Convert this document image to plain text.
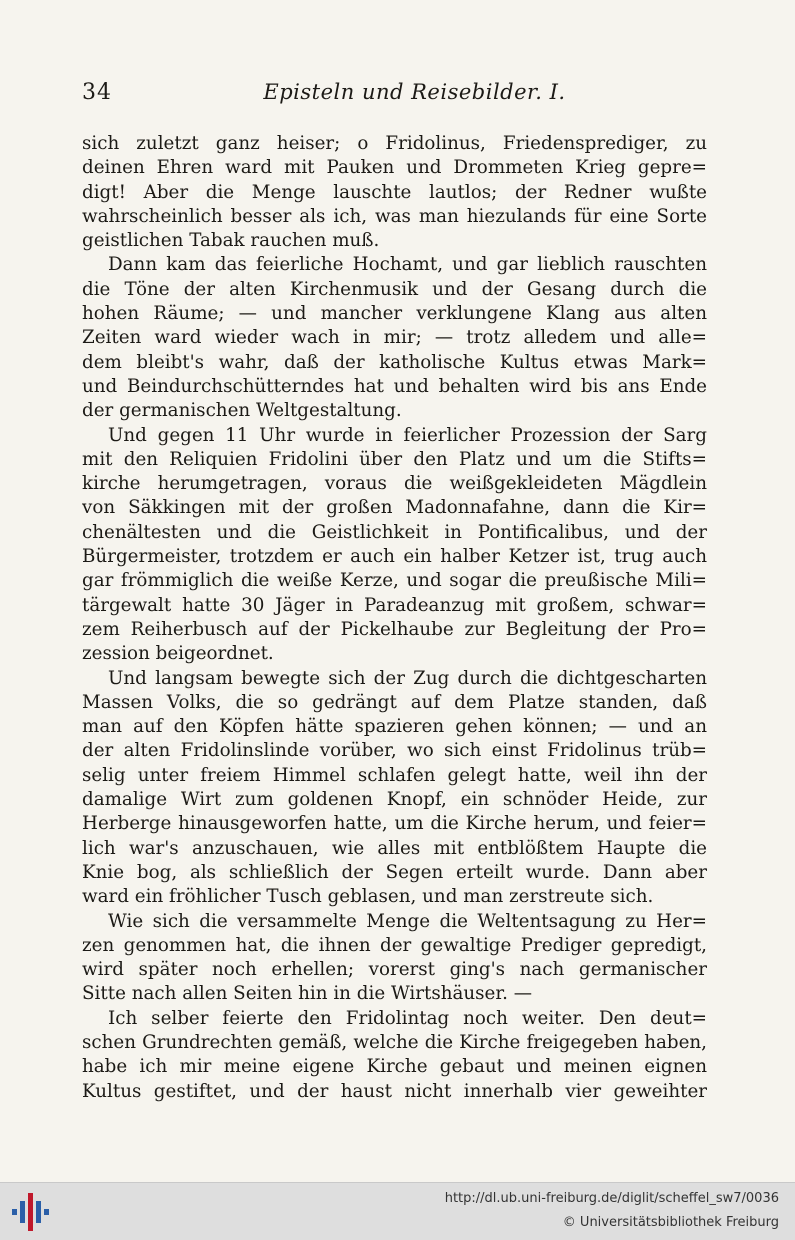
34	Episteln und Reisebilder. I.
sich zuletzt ganz heiser; o Fridolinus, Friedensprediger, zu
deinen Ehren ward mit Pauken und Drommeten Krieg gepre=
digt! Aber die Menge lauschte lautlos; der Redner wußte
wahrscheinlich besser als ich, was man hiezulands für eine Sorte
geistlichen Tabak rauchen muß.
Dann kam das feierliche Hochamt, und gar lieblich rauschten
die Töne der alten Kirchenmusik und der Gesang durch die
hohen Räume; — und mancher verklungene Klang aus alten
Zeiten ward wieder wach in mir; — trotz alledem und alle=
dem bleibt's wahr, daß der katholische Kultus etwas Mark=
und Beindurchschütterndes hat und behalten wird bis ans Ende
der germanischen Weltgestaltung.
Und gegen 11 Uhr wurde in feierlicher Prozession der Sarg
mit den Reliquien Fridolini über den Platz und um die Stifts=
kirche herumgetragen, voraus die weißgekleideten Mägdlein
von Säkkingen mit der großen Madonnafahne, dann die Kir=
chenältesten und die Geistlichkeit in Pontificalibus, und der
Bürgermeister, trotzdem er auch ein halber Ketzer ist, trug auch
gar frömmiglich die weiße Kerze, und sogar die preußische Mili=
tärgewalt hatte 30 Jäger in Paradeanzug mit großem, schwar=
zem Reiherbusch auf der Pickelhaube zur Begleitung der Pro=
zession beigeordnet.
Und langsam bewegte sich der Zug durch die dichtgescharten
Massen Volks, die so gedrängt auf dem Platze standen, daß
man auf den Köpfen hätte spazieren gehen können; — und an
der alten Fridolinslinde vorüber, wo sich einst Fridolinus trüb=
selig unter freiem Himmel schlafen gelegt hatte, weil ihn der
damalige Wirt zum goldenen Knopf, ein schnöder Heide, zur
Herberge hinausgeworfen hatte, um die Kirche herum, und feier=
lich war's anzuschauen, wie alles mit entblößtem Haupte die
Knie bog, als schließlich der Segen erteilt wurde. Dann aber
ward ein fröhlicher Tusch geblasen, und man zerstreute sich.
Wie sich die versammelte Menge die Weltentsagung zu Her=
zen genommen hat, die ihnen der gewaltige Prediger gepredigt,
wird später noch erhellen; vorerst ging's nach germanischer
Sitte nach allen Seiten hin in die Wirtshäuser. —
Ich selber feierte den Fridolintag noch weiter. Den deut=
schen Grundrechten gemäß, welche die Kirche freigegeben haben,
habe ich mir meine eigene Kirche gebaut und meinen eignen
Kultus gestiftet, und der haust nicht innerhalb vier geweihter
http://dl.ub.uni-freiburg.de/diglit/scheffel_sw7/0036
© Universitätsbibliothek Freiburg
